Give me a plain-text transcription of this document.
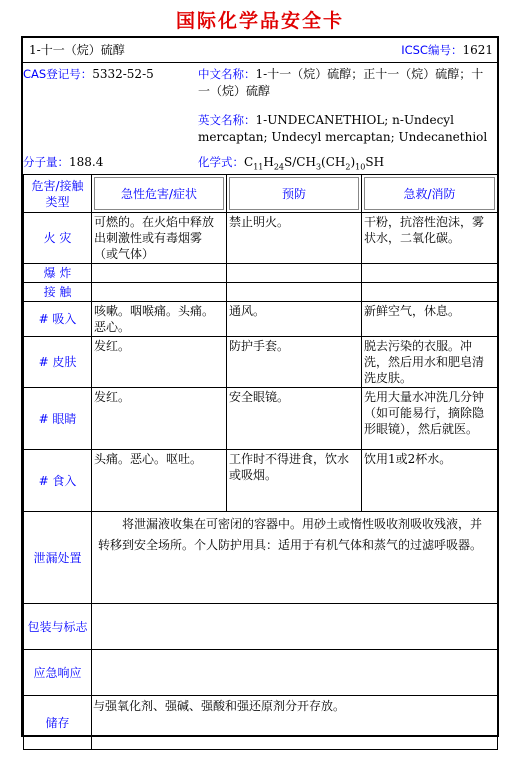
国际化学品安全卡
1-十一（烷）硫醇	ICSC编号：1621
CAS登记号：5332-52-5	中文名称：1-十一（烷）硫醇；正十一（烷）硫醇；十一（烷）硫醇
英文名称：1-UNDECANETHIOL; n-Undecyl mercaptan; Undecyl mercaptan; Undecanethiol
分子量：188.4	化学式：$C_{11}H_{24}S/CH_3(CH_2)_{10}SH$
危害/接触类型	急性危害/症状	预防	急救/消防
火 灾	可燃的。在火焰中释放出刺激性或有毒烟雾（或气体）	禁止明火。	干粉，抗溶性泡沫，雾状水，二氧化碳。
爆 炸			
接 触			
# 吸入	咳嗽。咽喉痛。头痛。恶心。	通风。	新鲜空气，休息。
# 皮肤	发红。	防护手套。	脱去污染的衣服。冲洗，然后用水和肥皂清洗皮肤。
# 眼睛	发红。	安全眼镜。	先用大量水冲洗几分钟（如可能易行，摘除隐形眼镜），然后就医。
# 食入	头痛。恶心。呕吐。	工作时不得进食，饮水或吸烟。	饮用1或2杯水。
泄漏处置	将泄漏液收集在可密闭的容器中。用砂土或惰性吸收剂吸收残液，并转移到安全场所。个人防护用具：适用于有机气体和蒸气的过滤呼吸器。		
包装与标志			
应急响应			
储存	与强氧化剂、强碱、强酸和强还原剂分开存放。		
